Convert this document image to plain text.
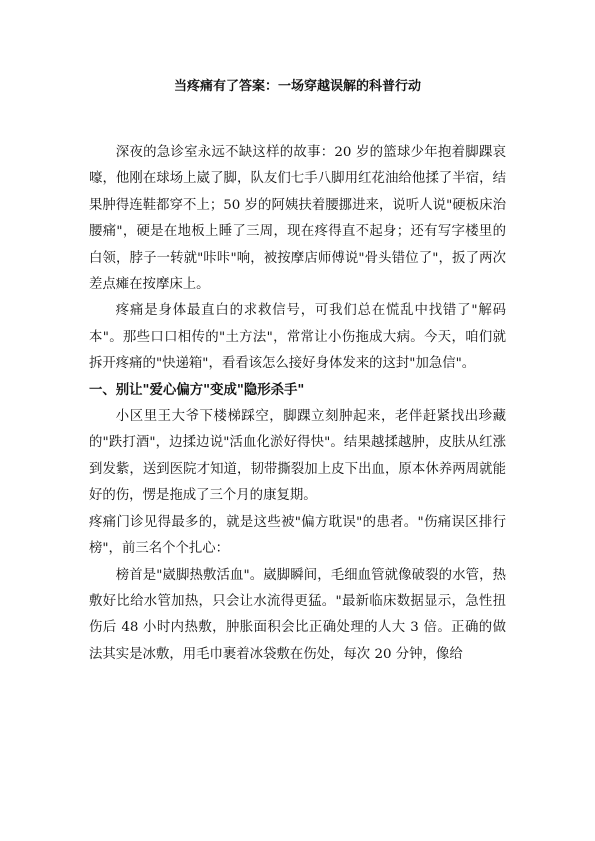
当疼痛有了答案：一场穿越误解的科普行动

深夜的急诊室永远不缺这样的故事：20 岁的篮球少年抱着脚踝哀嚎，他刚在球场上崴了脚，队友们七手八脚用红花油给他揉了半宿，结果肿得连鞋都穿不上；50 岁的阿姨扶着腰挪进来，说听人说"硬板床治腰痛"，硬是在地板上睡了三周，现在疼得直不起身；还有写字楼里的白领，脖子一转就"咔咔"响，被按摩店师傅说"骨头错位了"，扳了两次差点瘫在按摩床上。

疼痛是身体最直白的求救信号，可我们总在慌乱中找错了"解码本"。那些口口相传的"土方法"，常常让小伤拖成大病。今天，咱们就拆开疼痛的"快递箱"，看看该怎么接好身体发来的这封"加急信"。

一、别让"爱心偏方"变成"隐形杀手"

小区里王大爷下楼梯踩空，脚踝立刻肿起来，老伴赶紧找出珍藏的"跌打酒"，边揉边说"活血化淤好得快"。结果越揉越肿，皮肤从红涨到发紫，送到医院才知道，韧带撕裂加上皮下出血，原本休养两周就能好的伤，愣是拖成了三个月的康复期。

疼痛门诊见得最多的，就是这些被"偏方耽误"的患者。"伤痛误区排行榜"，前三名个个扎心：

榜首是"崴脚热敷活血"。崴脚瞬间，毛细血管就像破裂的水管，热敷好比给水管加热，只会让水流得更猛。"最新临床数据显示，急性扭伤后 48 小时内热敷，肿胀面积会比正确处理的人大 3 倍。正确的做法其实是冰敷，用毛巾裹着冰袋敷在伤处，每次 20 分钟，像给
